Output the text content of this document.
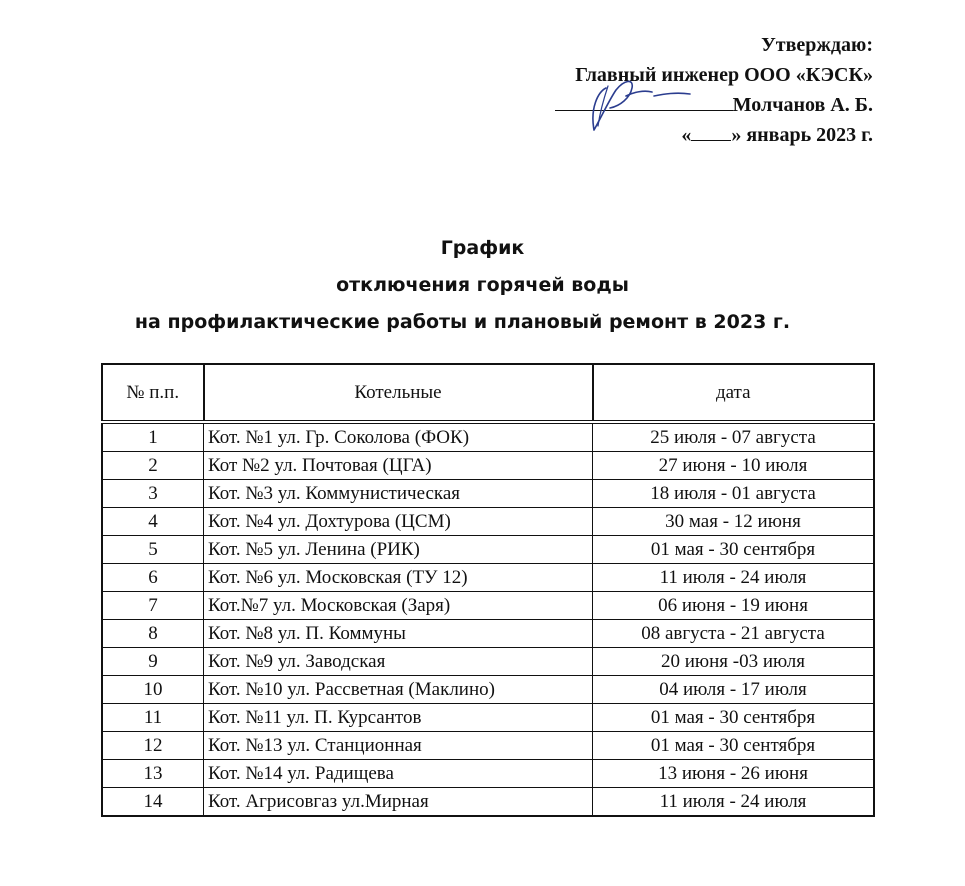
Утверждаю:
Главный инженер ООО «КЭСК»
Молчанов А. Б.
« » январь 2023 г.
График
отключения горячей воды
на профилактические работы и плановый ремонт в 2023 г.
№ п.п.	Котельные	дата
1	Кот. №1 ул. Гр. Соколова (ФОК)	25 июля - 07 августа
2	Кот №2 ул. Почтовая (ЦГА)	27 июня - 10 июля
3	Кот. №3 ул. Коммунистическая	18 июля - 01 августа
4	Кот. №4 ул. Дохтурова (ЦСМ)	30 мая - 12 июня
5	Кот. №5 ул. Ленина (РИК)	01 мая - 30 сентября
6	Кот. №6 ул. Московская (ТУ 12)	11 июля - 24 июля
7	Кот.№7 ул. Московская (Заря)	06 июня - 19 июня
8	Кот. №8 ул. П. Коммуны	08 августа - 21 августа
9	Кот. №9 ул. Заводская	20 июня -03 июля
10	Кот. №10 ул. Рассветная (Маклино)	04 июля - 17 июля
11	Кот. №11 ул. П. Курсантов	01 мая - 30 сентября
12	Кот. №13 ул. Станционная	01 мая - 30 сентября
13	Кот. №14 ул. Радищева	13 июня - 26 июня
14	Кот. Агрисовгаз ул.Мирная	11 июля - 24 июля
